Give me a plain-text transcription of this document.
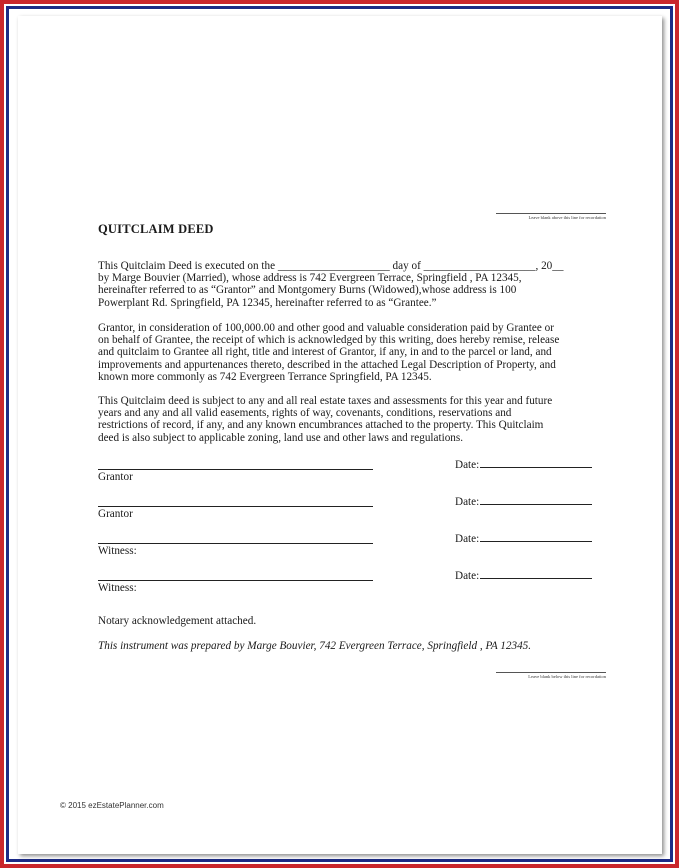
Leave blank above this line for recordation
QUITCLAIM DEED

This Quitclaim Deed is executed on the ____________________ day of ____________________, 20__

by Marge Bouvier (Married), whose address is 742 Evergreen Terrace, Springfield , PA 12345,

hereinafter referred to as “Grantor” and Montgomery Burns (Widowed),whose address is 100

Powerplant Rd. Springfield, PA 12345, hereinafter referred to as “Grantee.”

Grantor, in consideration of 100,000.00 and other good and valuable consideration paid by Grantee or

on behalf of Grantee, the receipt of which is acknowledged by this writing, does hereby remise, release

and quitclaim to Grantee all right, title and interest of Grantor, if any, in and to the parcel or land, and

improvements and appurtenances thereto, described in the attached Legal Description of Property, and

known more commonly as 742 Evergreen Terrance Springfield, PA 12345.

This Quitclaim deed is subject to any and all real estate taxes and assessments for this year and future

years and any and all valid easements, rights of way, covenants, conditions, reservations and

restrictions of record, if any, and any known encumbrances attached to the property. This Quitclaim

deed is also subject to applicable zoning, land use and other laws and regulations.

Grantor
Date:
Grantor
Date:
Witness:
Date:
Witness:
Date:
Notary acknowledgement attached.
This instrument was prepared by Marge Bouvier, 742 Evergreen Terrace, Springfield , PA 12345.
Leave blank below this line for recordation
© 2015 ezEstatePlanner.com
